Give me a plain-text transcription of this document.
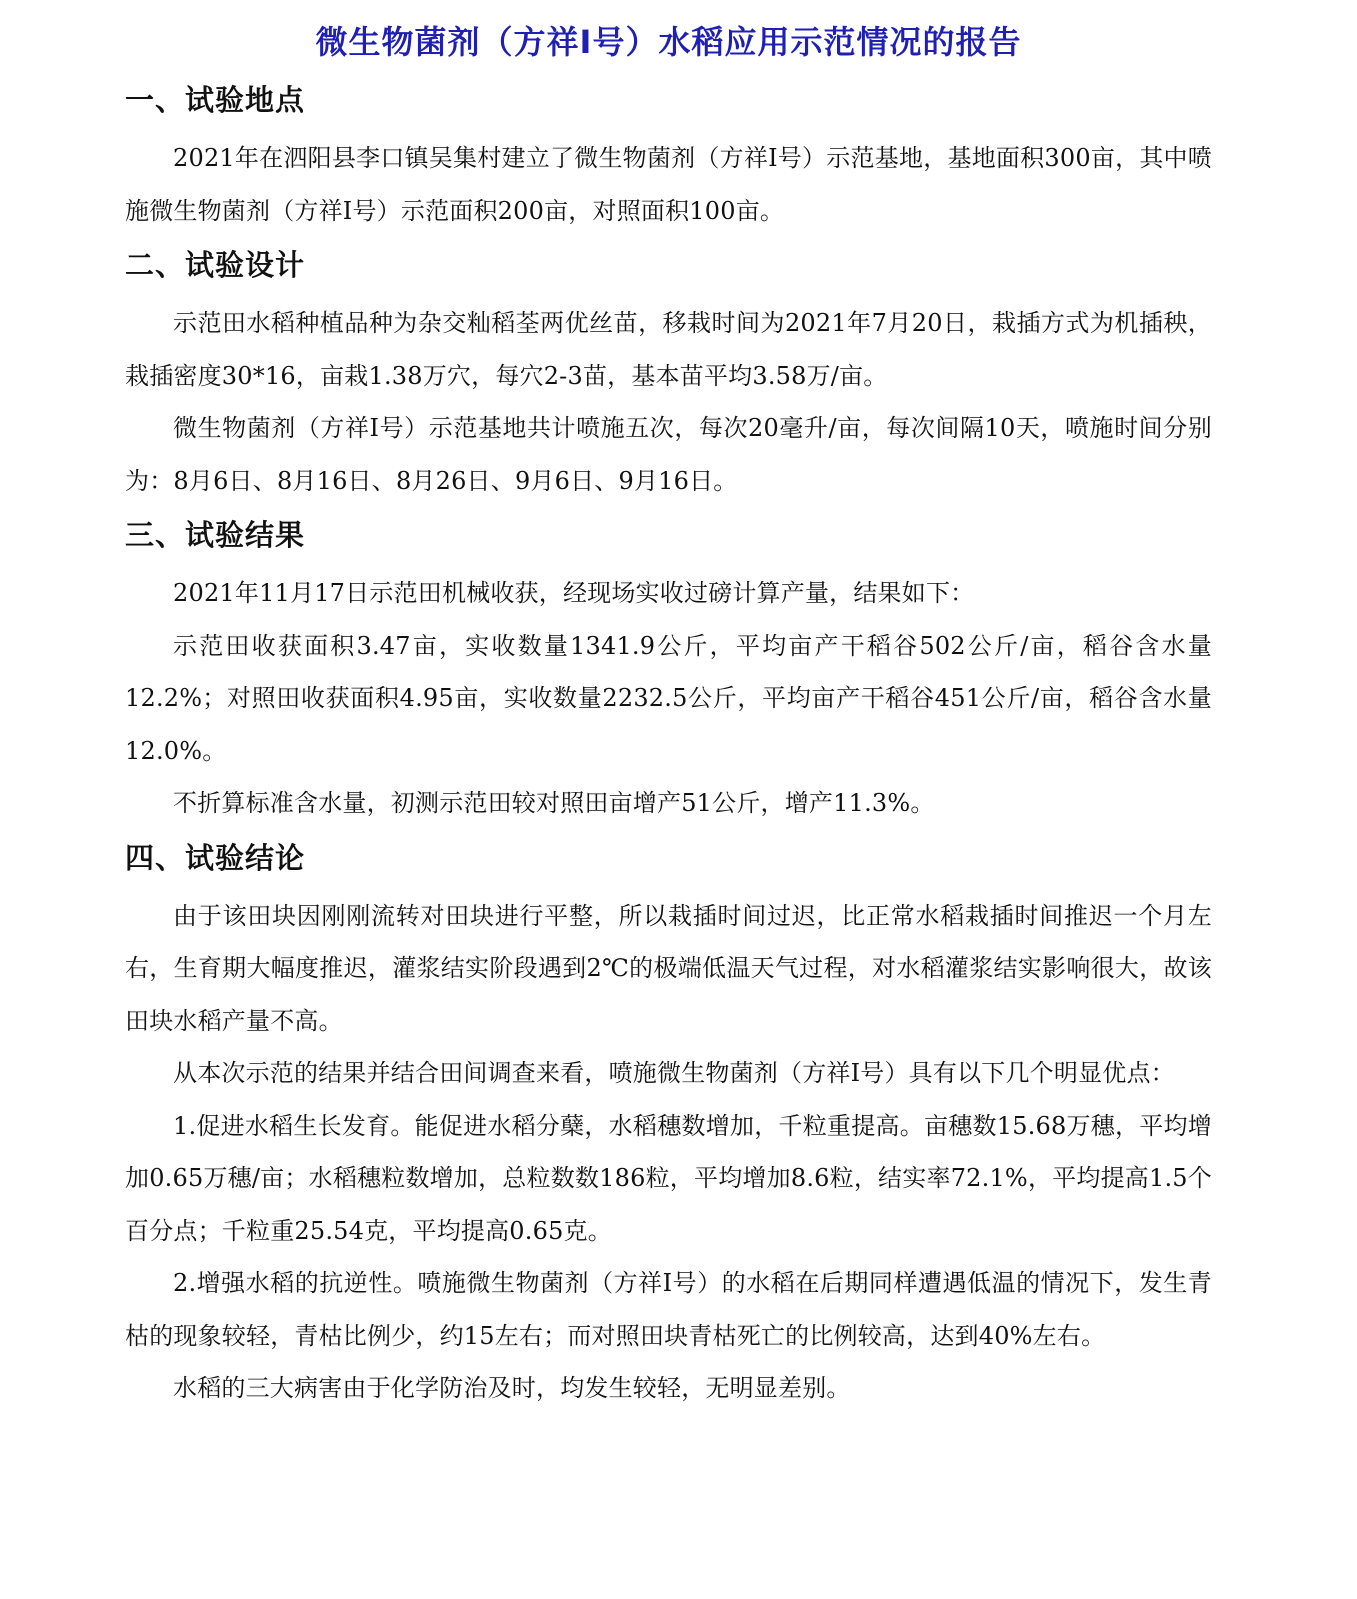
微生物菌剂（方祥Ⅰ号）水稻应用示范情况的报告
一、试验地点

2021年在泗阳县李口镇吴集村建立了微生物菌剂（方祥Ⅰ号）示范基地，基地面积300亩，其中喷施微生物菌剂（方祥Ⅰ号）示范面积200亩，对照面积100亩。

二、试验设计

示范田水稻种植品种为杂交籼稻荃两优丝苗，移栽时间为2021年7月20日，栽插方式为机插秧，栽插密度30*16，亩栽1.38万穴，每穴2-3苗，基本苗平均3.58万/亩。

微生物菌剂（方祥Ⅰ号）示范基地共计喷施五次，每次20毫升/亩，每次间隔10天，喷施时间分别为：8月6日、8月16日、8月26日、9月6日、9月16日。

三、试验结果

2021年11月17日示范田机械收获，经现场实收过磅计算产量，结果如下：

示范田收获面积3.47亩，实收数量1341.9公斤，平均亩产干稻谷502公斤/亩，稻谷含水量12.2%；对照田收获面积4.95亩，实收数量2232.5公斤，平均亩产干稻谷451公斤/亩，稻谷含水量12.0%。

不折算标准含水量，初测示范田较对照田亩增产51公斤，增产11.3%。

四、试验结论

由于该田块因刚刚流转对田块进行平整，所以栽插时间过迟，比正常水稻栽插时间推迟一个月左右，生育期大幅度推迟，灌浆结实阶段遇到2℃的极端低温天气过程，对水稻灌浆结实影响很大，故该田块水稻产量不高。

从本次示范的结果并结合田间调查来看，喷施微生物菌剂（方祥Ⅰ号）具有以下几个明显优点：

1.促进水稻生长发育。能促进水稻分蘖，水稻穗数增加，千粒重提高。亩穗数15.68万穗，平均增加0.65万穗/亩；水稻穗粒数增加，总粒数数186粒，平均增加8.6粒，结实率72.1%，平均提高1.5个百分点；千粒重25.54克，平均提高0.65克。

2.增强水稻的抗逆性。喷施微生物菌剂（方祥Ⅰ号）的水稻在后期同样遭遇低温的情况下，发生青枯的现象较轻，青枯比例少，约15左右；而对照田块青枯死亡的比例较高，达到40%左右。

水稻的三大病害由于化学防治及时，均发生较轻，无明显差别。
